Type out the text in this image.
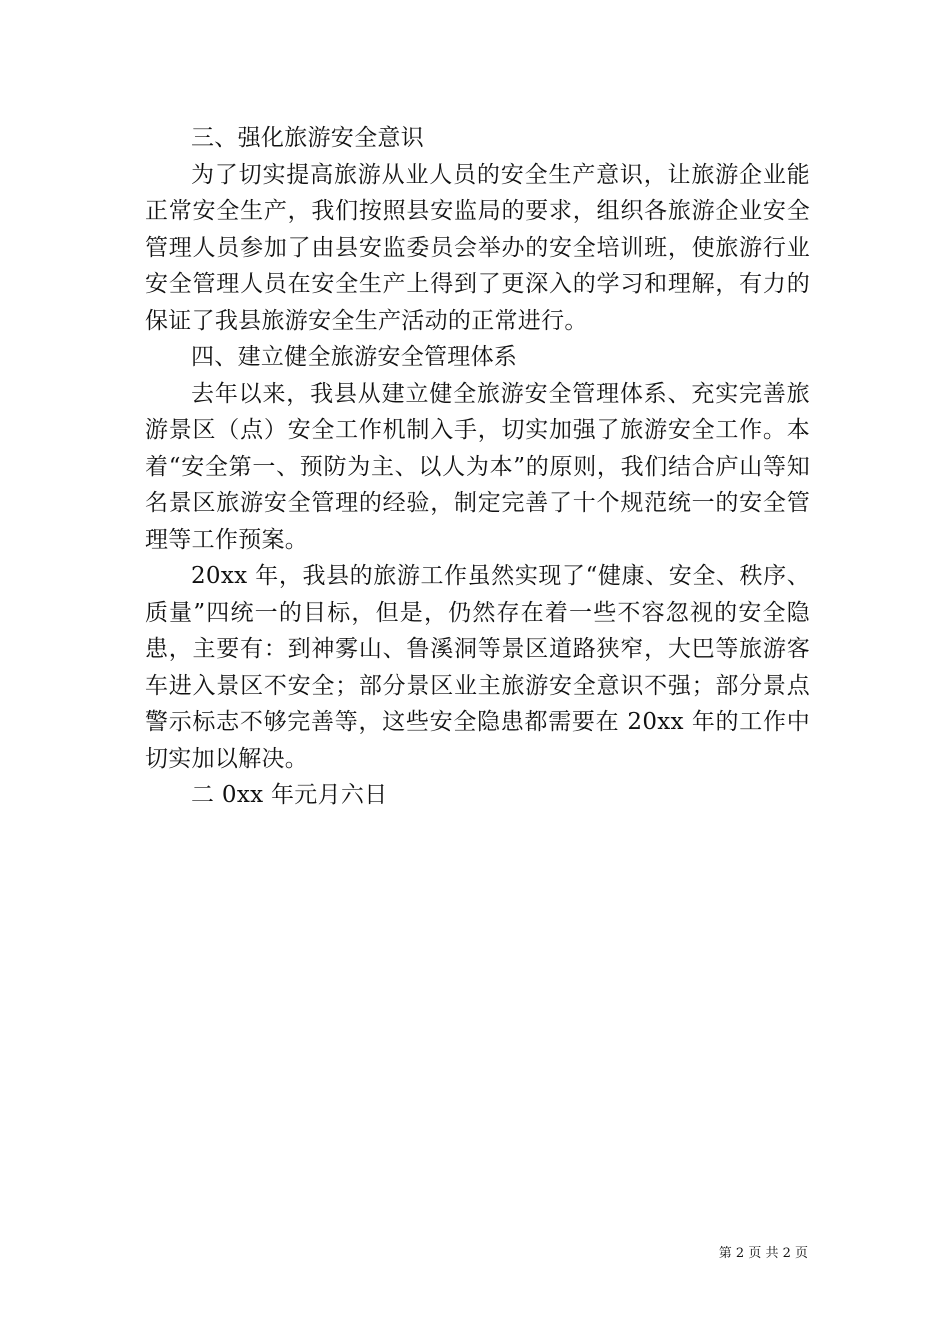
三、强化旅游安全意识

为了切实提高旅游从业人员的安全生产意识，让旅游企业能正常安全生产，我们按照县安监局的要求，组织各旅游企业安全管理人员参加了由县安监委员会举办的安全培训班，使旅游行业安全管理人员在安全生产上得到了更深入的学习和理解，有力的保证了我县旅游安全生产活动的正常进行。

四、建立健全旅游安全管理体系

去年以来，我县从建立健全旅游安全管理体系、充实完善旅游景区（点）安全工作机制入手，切实加强了旅游安全工作。本着“安全第一、预防为主、以人为本”的原则，我们结合庐山等知名景区旅游安全管理的经验，制定完善了十个规范统一的安全管理等工作预案。

20xx 年，我县的旅游工作虽然实现了“健康、安全、秩序、质量”四统一的目标，但是，仍然存在着一些不容忽视的安全隐患，主要有：到神雾山、鲁溪洞等景区道路狭窄，大巴等旅游客车进入景区不安全；部分景区业主旅游安全意识不强；部分景点警示标志不够完善等，这些安全隐患都需要在 20xx 年的工作中切实加以解决。

二 0xx 年元月六日

第 2 页 共 2 页
